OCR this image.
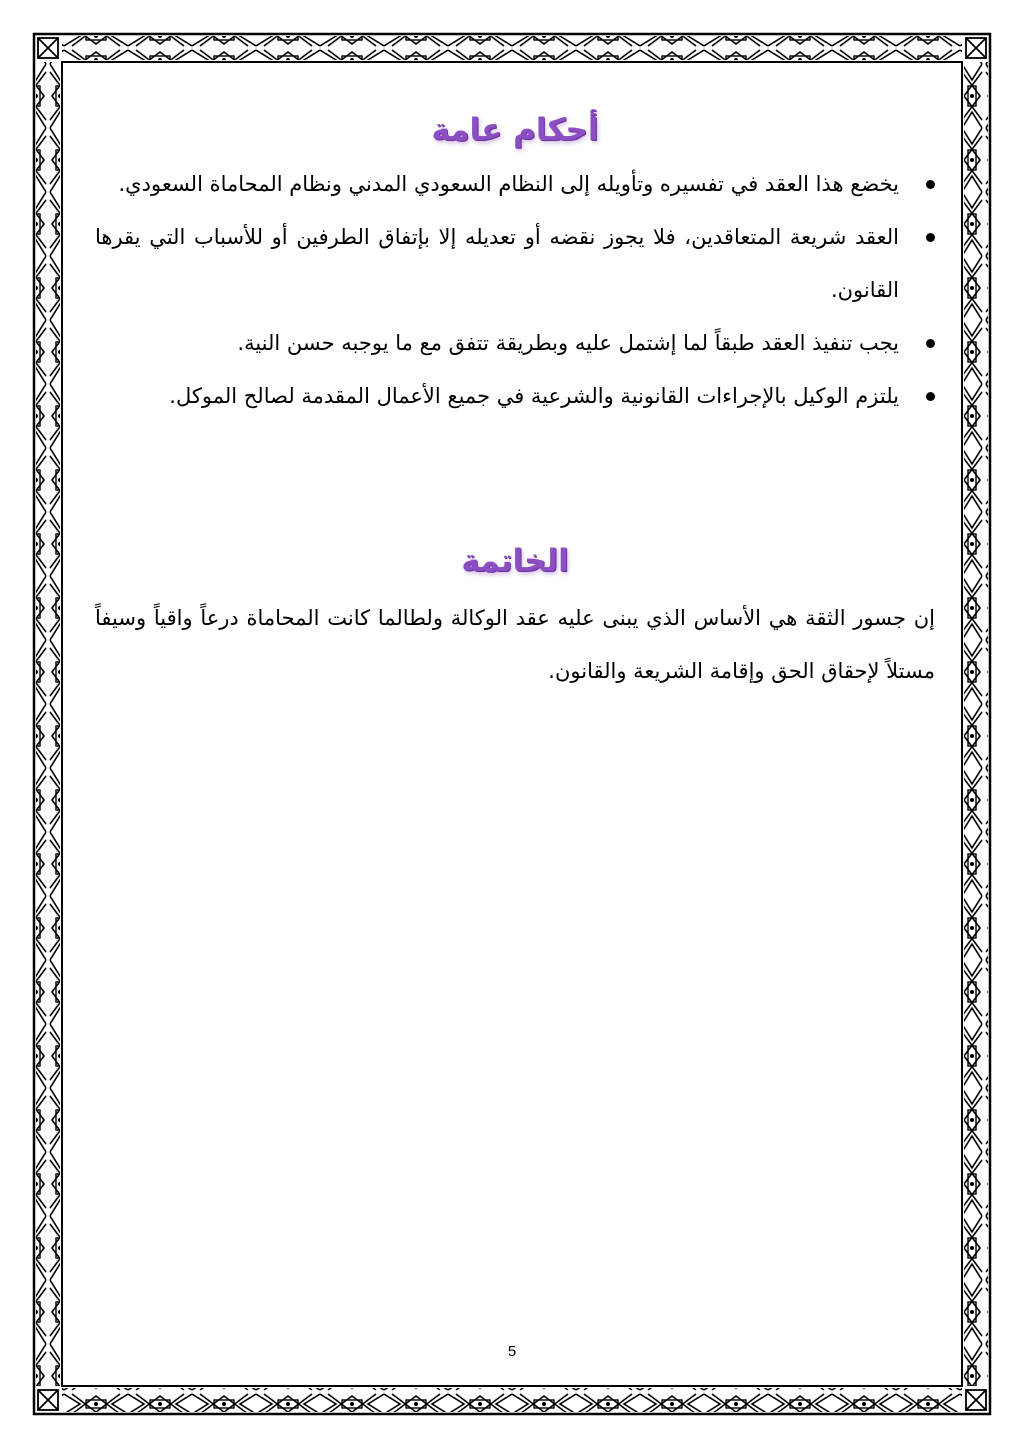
أحكام عامة
يخضع هذا العقد في تفسيره وتأويله إلى النظام السعودي المدني ونظام المحاماة السعودي.
العقد شريعة المتعاقدين، فلا يجوز نقضه أو تعديله إلا بإتفاق الطرفين أو للأسباب التي يقرها القانون.
يجب تنفيذ العقد طبقاً لما إشتمل عليه وبطريقة تتفق مع ما يوجبه حسن النية.
يلتزم الوكيل بالإجراءات القانونية والشرعية في جميع الأعمال المقدمة لصالح الموكل.
الخاتمة

إن جسور الثقة هي الأساس الذي يبنى عليه عقد الوكالة ولطالما كانت المحاماة درعاً واقياً وسيفاً مستلاً لإحقاق الحق وإقامة الشريعة والقانون.

5
